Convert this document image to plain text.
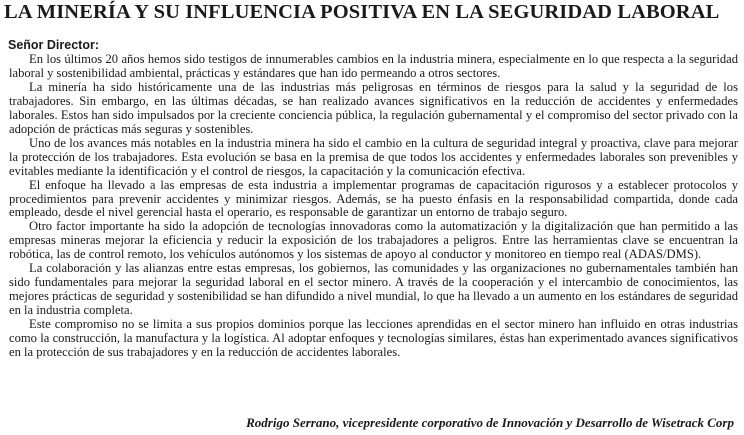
LA MINERÍA Y SU INFLUENCIA POSITIVA EN LA SEGURIDAD LABORAL

Señor Director:

En los últimos 20 años hemos sido testigos de innumerables cambios en la industria minera, especialmente en lo que respecta a la seguridad laboral y sostenibilidad ambiental, prácticas y estándares que han ido permeando a otros sectores.

La minería ha sido históricamente una de las industrias más peligrosas en términos de riesgos para la salud y la seguridad de los trabajadores. Sin embargo, en las últimas décadas, se han realizado avances significativos en la reducción de accidentes y enfermedades laborales. Estos han sido impulsados por la creciente conciencia pública, la regulación gubernamental y el compromiso del sector privado con la adopción de prácticas más seguras y sostenibles.

Uno de los avances más notables en la industria minera ha sido el cambio en la cultura de seguridad integral y proactiva, clave para mejorar la protección de los trabajadores. Esta evolución se basa en la premisa de que todos los accidentes y enfermedades laborales son prevenibles y evitables mediante la identificación y el control de riesgos, la capacitación y la comunicación efectiva.

El enfoque ha llevado a las empresas de esta industria a implementar programas de capacitación rigurosos y a establecer protocolos y procedimientos para prevenir accidentes y minimizar riesgos. Además, se ha puesto énfasis en la responsabilidad compartida, donde cada empleado, desde el nivel gerencial hasta el operario, es responsable de garantizar un entorno de trabajo seguro.

Otro factor importante ha sido la adopción de tecnologías innovadoras como la automatización y la digitalización que han permitido a las empresas mineras mejorar la eficiencia y reducir la exposición de los trabajadores a peligros. Entre las herramientas clave se encuentran la robótica, las de control remoto, los vehículos autónomos y los sistemas de apoyo al conductor y monitoreo en tiempo real (ADAS/DMS).

La colaboración y las alianzas entre estas empresas, los gobiernos, las comunidades y las organizaciones no gubernamentales también han sido fundamentales para mejorar la seguridad laboral en el sector minero. A través de la cooperación y el intercambio de conocimientos, las mejores prácticas de seguridad y sostenibilidad se han difundido a nivel mundial, lo que ha llevado a un aumento en los estándares de seguridad en la industria completa.

Este compromiso no se limita a sus propios dominios porque las lecciones aprendidas en el sector minero han influido en otras industrias como la construcción, la manufactura y la logística. Al adoptar enfoques y tecnologías similares, éstas han experimentado avances significativos en la protección de sus trabajadores y en la reducción de accidentes laborales.

Rodrigo Serrano, vicepresidente corporativo de Innovación y Desarrollo de Wisetrack Corp
